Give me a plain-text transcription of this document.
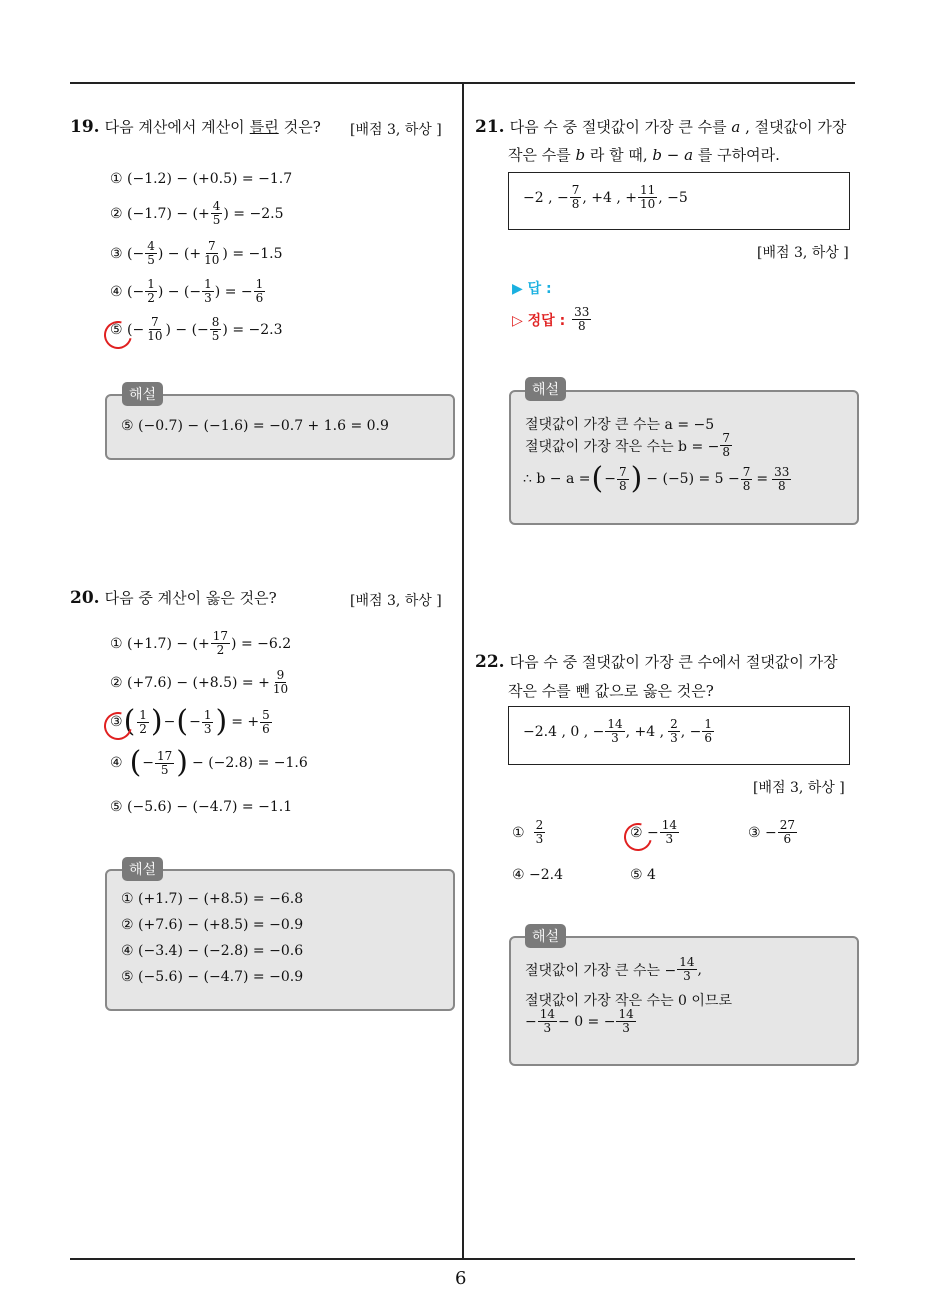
6
19. 다음 계산에서 계산이 틀린 것은? [배점 3, 하상 ]
① (−1.2) − (+0.5) = −1.7
② (−1.7) − (+ $\frac{4}{5}$ ) = −2.5
③ (− $\frac{4}{5}$ ) − (+ $\frac{7}{10}$ ) = −1.5
④ (− $\frac{1}{2}$ ) − (− $\frac{1}{3}$ ) = − $\frac{1}{6}$
⑤ (− $\frac{7}{10}$ ) − (− $\frac{8}{5}$ ) = −2.3
⑤ (−0.7) − (−1.6) = −0.7 + 1.6 = 0.9
해설
20. 다음 중 계산이 옳은 것은?	[배점 3, 하상 ]
① (+1.7) − (+ $\frac{17}{2}$ ) = −6.2
② (+7.6) − (+8.5) = + $\frac{9}{10}$
③ ( $\frac{1}{2}$ ) − ( − $\frac{1}{3}$ ) = + $\frac{5}{6}$
④ ( − $\frac{17}{5}$ ) − (−2.8) = −1.6
⑤ (−5.6) − (−4.7) = −1.1
① (+1.7) − (+8.5) = −6.8
② (+7.6) − (+8.5) = −0.9
④ (−3.4) − (−2.8) = −0.6
⑤ (−5.6) − (−4.7) = −0.9
해설
21. 다음 수 중 절댓값이 가장 큰 수를 a , 절댓값이 가장
작은 수를 b 라 할 때, b − a 를 구하여라.
−2 , − $\frac{7}{8}$ , +4 , + $\frac{11}{10}$ , −5
[배점 3, 하상 ]
▶ 답 :
▷ 정답 : $\frac{33}{8}$
절댓값이 가장 큰 수는 a = −5
절댓값이 가장 작은 수는 b = − $\frac{7}{8}$
∴ b − a = ( − $\frac{7}{8}$ ) − $(-5) = 5 - \frac{7}{8} = \frac{33}{8}$
해설
22. 다음 수 중 절댓값이 가장 큰 수에서 절댓값이 가장
작은 수를 뺀 값으로 옳은 것은?
−2.4 , 0 , − $\frac{14}{3}$ , +4 , $\frac{2}{3}$ , − $\frac{1}{6}$
[배점 3, 하상 ]
① $\frac{2}{3}$	② − $\frac{14}{3}$	③ − $\frac{27}{6}$
④ −2.4	⑤ 4
절댓값이 가장 큰 수는 − $\frac{14}{3}$ ,
절댓값이 가장 작은 수는 0 이므로
− $\frac{14}{3} - 0$ = − $\frac{14}{3}$
해설
